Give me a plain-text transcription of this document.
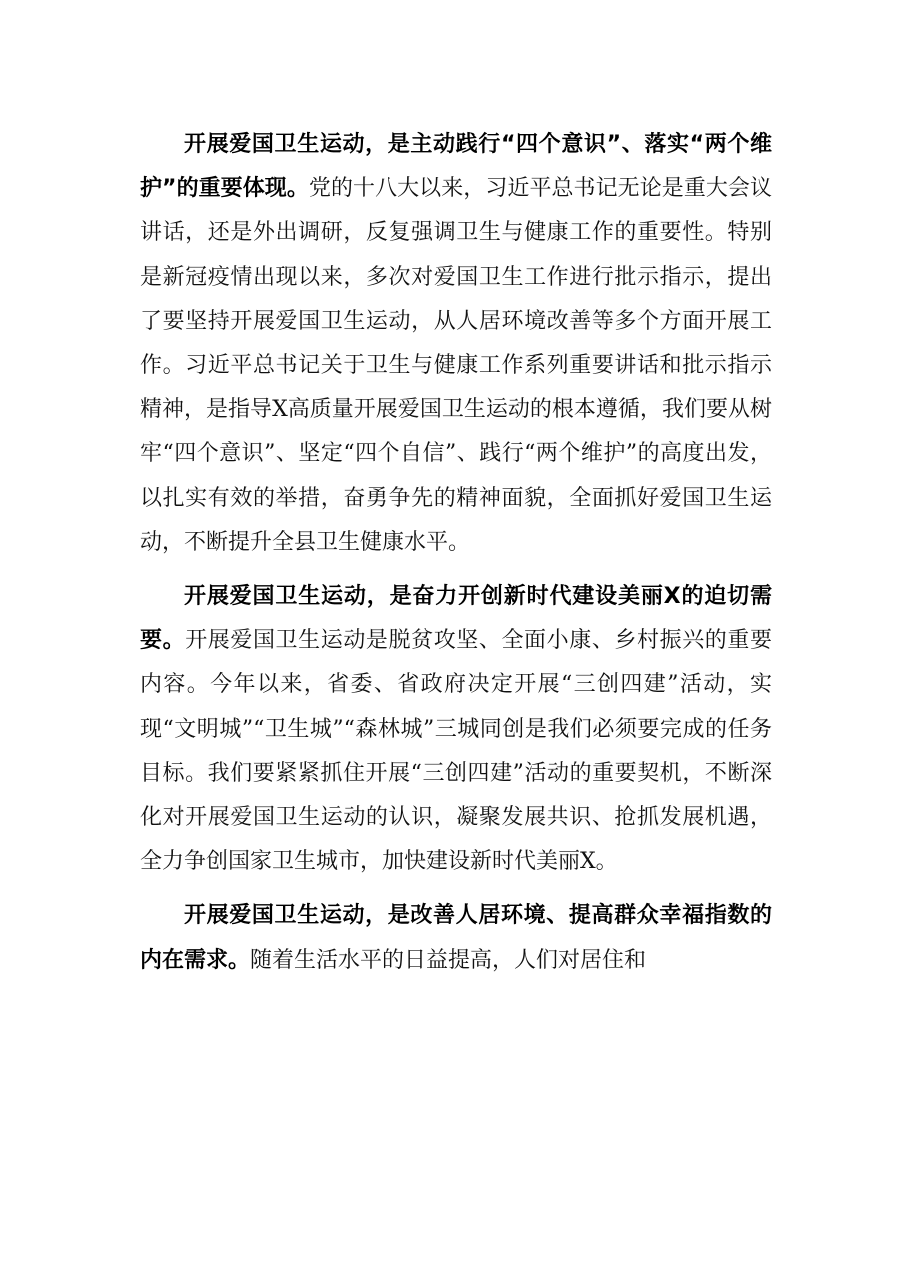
开展爱国卫生运动，是主动践行“四个意识”、落实“两个维护”的重要体现。党的十八大以来，习近平总书记无论是重大会议讲话，还是外出调研，反复强调卫生与健康工作的重要性。特别是新冠疫情出现以来，多次对爱国卫生工作进行批示指示，提出了要坚持开展爱国卫生运动，从人居环境改善等多个方面开展工作。习近平总书记关于卫生与健康工作系列重要讲话和批示指示精神，是指导X高质量开展爱国卫生运动的根本遵循，我们要从树牢“四个意识”、坚定“四个自信”、践行“两个维护”的高度出发，以扎实有效的举措，奋勇争先的精神面貌，全面抓好爱国卫生运动，不断提升全县卫生健康水平。

开展爱国卫生运动，是奋力开创新时代建设美丽X的迫切需要。开展爱国卫生运动是脱贫攻坚、全面小康、乡村振兴的重要内容。今年以来，省委、省政府决定开展“三创四建”活动，实现“文明城”“卫生城”“森林城”三城同创是我们必须要完成的任务目标。我们要紧紧抓住开展“三创四建”活动的重要契机，不断深化对开展爱国卫生运动的认识，凝聚发展共识、抢抓发展机遇，全力争创国家卫生城市，加快建设新时代美丽X。

开展爱国卫生运动，是改善人居环境、提高群众幸福指数的内在需求。随着生活水平的日益提高，人们对居住和
